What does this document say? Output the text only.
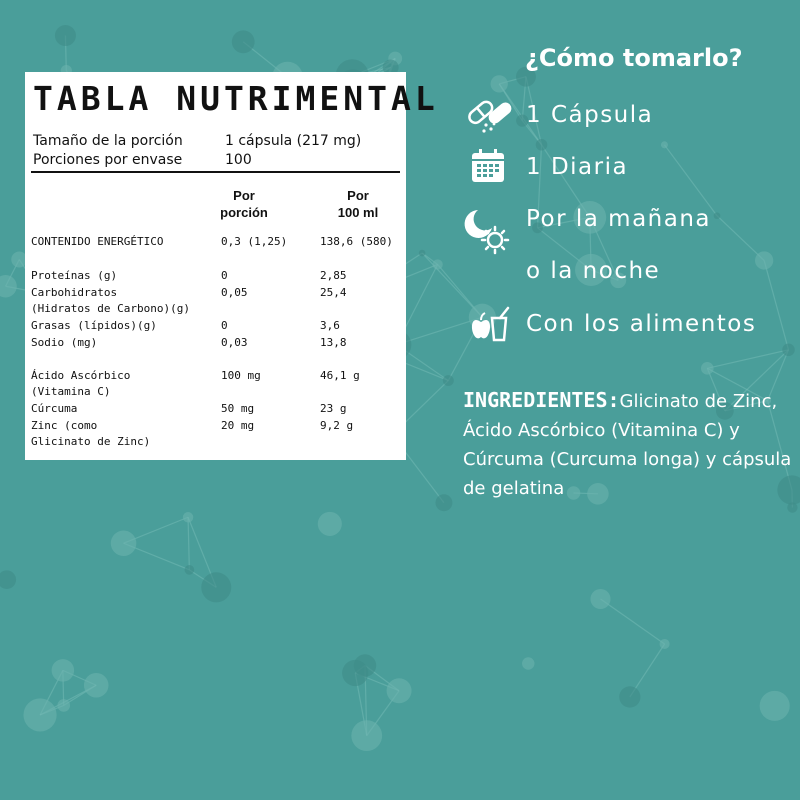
TABLA NUTRIMENTAL
Tamaño de la porción	1 cápsula (217 mg)
Porciones por envase	100
Por
porción
Por
100 ml
CONTENIDO ENERGÉTICO	0,3 (1,25)	138,6 (580)
Proteínas (g)	0	2,85
Carbohidratos
(Hidratos de Carbono)(g)
0,05	25,4
Grasas (lípidos)(g)	0	3,6
Sodio (mg)	0,03	13,8
Ácido Ascórbico
(Vitamina C)
100 mg	46,1 g
Cúrcuma	50 mg	23 g
Zinc (como
Glicinato de Zinc)
20 mg	9,2 g
¿Cómo tomarlo?
1 Cápsula
1 Diaria
Por la mañana
o la noche
Con los alimentos
INGREDIENTES:Glicinato de Zinc, Ácido Ascórbico (Vitamina C) y Cúrcuma (Curcuma longa) y cápsula de gelatina
